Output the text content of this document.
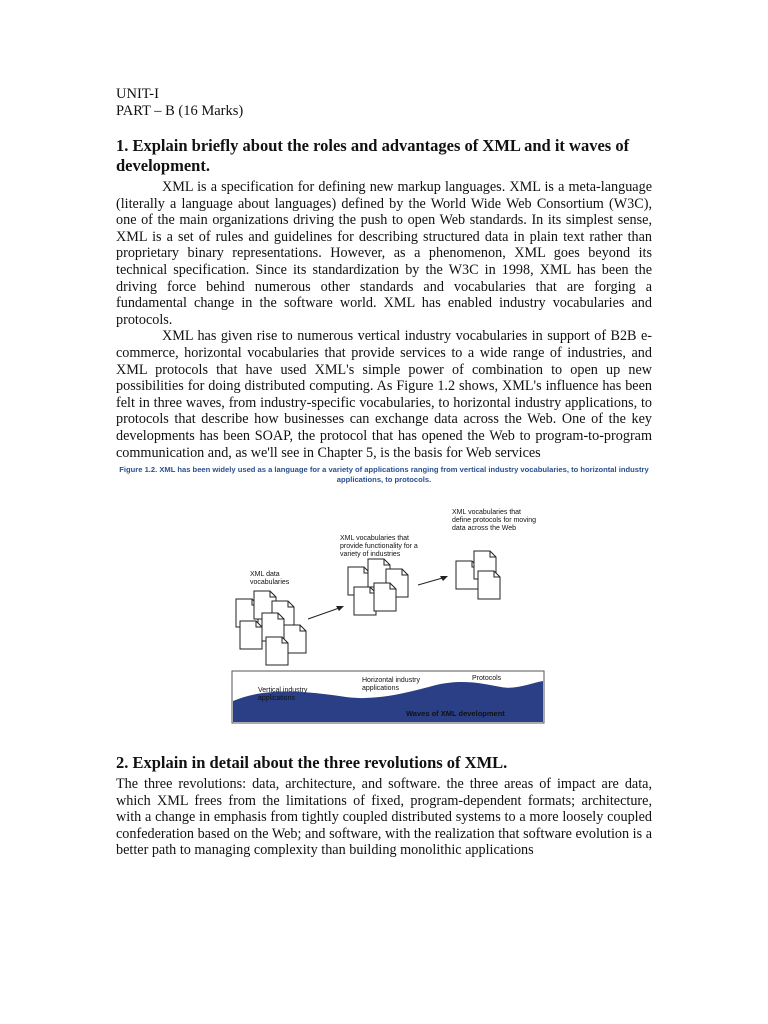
UNIT-I

PART – B (16 Marks)

1. Explain briefly about the roles and advantages of XML and it waves of development.

XML is a specification for defining new markup languages. XML is a meta-language (literally a language about languages) defined by the World Wide Web Consortium (W3C), one of the main organizations driving the push to open Web standards. In its simplest sense, XML is a set of rules and guidelines for describing structured data in plain text rather than proprietary binary representations. However, as a phenomenon, XML goes beyond its technical specification. Since its standardization by the W3C in 1998, XML has been the driving force behind numerous other standards and vocabularies that are forging a fundamental change in the software world. XML has enabled industry vocabularies and protocols.

XML has given rise to numerous vertical industry vocabularies in support of B2B e-commerce, horizontal vocabularies that provide services to a wide range of industries, and XML protocols that have used XML's simple power of combination to open up new possibilities for doing distributed computing. As Figure 1.2 shows, XML's influence has been felt in three waves, from industry-specific vocabularies, to horizontal industry applications, to protocols that describe how businesses can exchange data across the Web. One of the key developments has been SOAP, the protocol that has opened the Web to program-to-program communication and, as we'll see in Chapter 5, is the basis for Web services

Figure 1.2. XML has been widely used as a language for a variety of applications ranging from vertical industry vocabularies, to horizontal industry applications, to protocols.

XML data vocabularies
XML vocabularies that provide functionality for a variety of industries
XML vocabularies that define protocols for moving data across the Web
Vertical industry applications
Horizontal industry applications
Protocols
Waves of XML development

2. Explain in detail about the three revolutions of XML.

The three revolutions: data, architecture, and software. the three areas of impact are data, which XML frees from the limitations of fixed, program-dependent formats; architecture, with a change in emphasis from tightly coupled distributed systems to a more loosely coupled confederation based on the Web; and software, with the realization that software evolution is a better path to managing complexity than building monolithic applications
